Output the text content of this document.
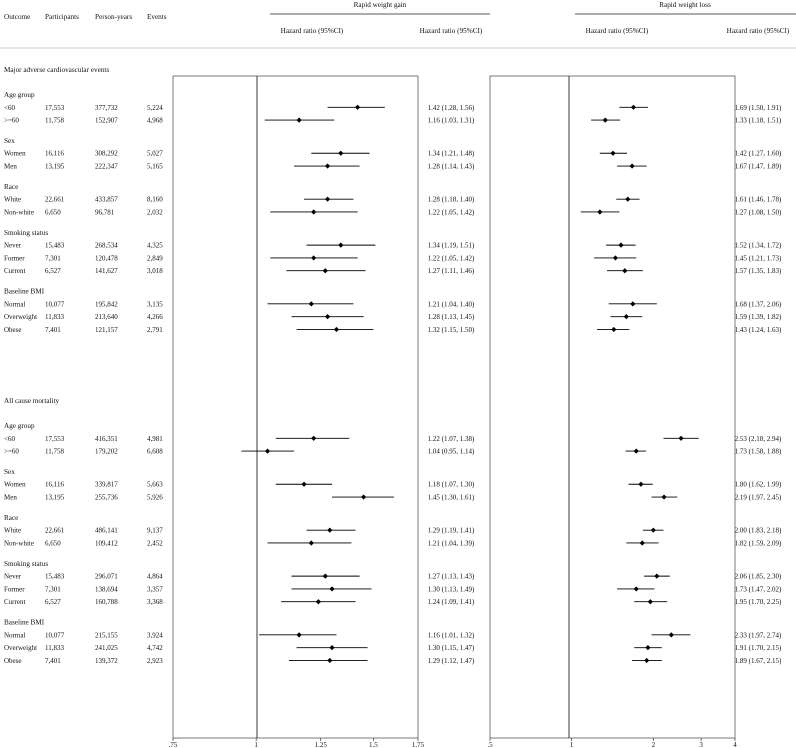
Outcome Participants Person-years Events
Rapid weight gain	Rapid weight loss
Hazard ratio (95%CI)	Hazard ratio (95%CI)	Hazard ratio (95%CI)	Hazard ratio (95%CI)
Major adverse cardiovascular events
Age group
<60	17,553	377,732	5,224	1.42 (1.28, 1.56)	1.69 (1.50, 1.91)
>=60	11,758	152,907	4,968	1.16 (1.03, 1.31)	1.33 (1.18, 1.51)
Sex
Women	16,116	308,292	5,027	1.34 (1.21, 1.48)	1.42 (1.27, 1.60)
Men	13,195	222,347	5,165	1.28 (1.14, 1.43)	1.67 (1.47, 1.89)
Race
White	22,661	433,857	8,160	1.28 (1.18, 1.40)	1.61 (1.46, 1.78)
Non-white 6,650	96,781	2,032	1.22 (1.05, 1.42)	1.27 (1.08, 1.50)
Smoking status
Never	15,483	268,534	4,325	1.34 (1.19, 1.51)	1.52 (1.34, 1.72)
Former	7,301	120,478	2,849	1.22 (1.05, 1.42)	1.45 (1.21, 1.73)
Current	6,527	141,627	3,018	1.27 (1.11, 1.46)	1.57 (1.35, 1.83)
Baseline BMI
Normal	10,077	195,842	3,135	1.21 (1.04, 1.40)	1.68 (1.37, 2.06)
Overweight 11,833	213,640	4,266	1.28 (1.13, 1.45)	1.59 (1.39, 1.82)
Obese	7,401	121,157	2,791	1.32 (1.15, 1.50)	1.43 (1.24, 1.63)
All cause mortality
Age group
<60	17,553	416,351	4,981	1.22 (1.07, 1.38)	2.53 (2.18, 2.94)
>=60	11,758	179,202	6,608	1.04 (0.95, 1.14)	1.73 (1.58, 1.88)
Sex
Women	16,116	339,817	5,663	1.18 (1.07, 1.30)	1.80 (1.62, 1.99)
Men	13,195	255,736	5,926	1.45 (1.30, 1.61)	2.19 (1.97, 2.45)
Race
White	22,661	486,141	9,137	1.29 (1.19, 1.41)	2.00 (1.83, 2.18)
Non-white 6,650	109,412	2,452	1.21 (1.04, 1.39)	1.82 (1.59, 2.09)
Smoking status
Never	15,483	296,071	4,864	1.27 (1.13, 1.43)	2.06 (1.85, 2.30)
Former	7,301	138,694	3,357	1.30 (1.13, 1.49)	1.73 (1.47, 2.02)
Current	6,527	160,788	3,368	1.24 (1.09, 1.41)	1.95 (1.70, 2.25)
Baseline BMI
Normal	10,077	215,155	3,924	1.16 (1.01, 1.32)	2.33 (1.97, 2.74)
Overweight 11,833	241,025	4,742	1.30 (1.15, 1.47)	1.91 (1.70, 2.15)
Obese	7,401	139,372	2,923	1.29 (1.12, 1.47)	1.89 (1.67, 2.15)
.75	1	1.25	1.5	1.75	.5	1	2	3	4
